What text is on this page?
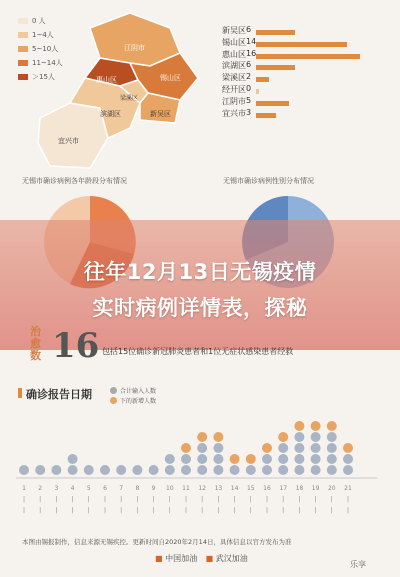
0 人
1~4人
5~10人
11~14人
＞15人
江阴市
惠山区	锡山区
梁溪区
滨湖区	新吴区
宜兴市
新吴区 6
锡山区 14
惠山区 16
滨湖区 6
梁溪区 2
经开区 0
江阴市 5
宜兴市 3
无锡市确诊病例各年龄段分布情况	无锡市确诊病例性别分布情况
往年12月13日无锡疫情
实时病例详情表，探秘
治
愈
数 16 包括15位确诊新冠肺炎患者和1位无症状感染患者经救
确诊报告日期	合计输入人数
下的新增人数
1
|
|
2
|
|
3
|
|
4
|
|
5
|
|
6
|
|
7
|
|
8
|
|
9
|
|
10
|
|
11
|
|
12
|
|
13
|
|
14
|
|
15
|
|
16
|
|
17
|
|
18
|
|
19
|
|
20
|
|
21
|
|
本图由锡报制作，信息来源无锡疾控。更新时间自2020年2月14日，具体信息以官方发布为准
■ 中国加油 ■ 武汉加油
乐享
